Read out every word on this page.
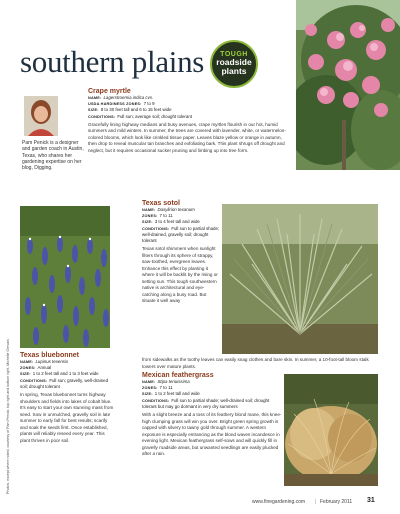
southern plains	TOUGH
roadside
plants
Pam Penick is a designer and garden coach in Austin, Texas, who shares her gardening expertise on her blog, Digging.
Crape myrtle
NAME: Lagerstroemia indica cvs.
USDA HARDINESS ZONES: 7 to 9
SIZE: 8 to 30 feet tall and 6 to 15 feet wide
CONDITIONS: Full sun; average soil; drought tolerant
Gracefully lining highway medians and busy avenues, crape myrtles flourish in our hot, humid summers and mild winters. In summer, the trees are covered with lavender, white, or watermelon-colored blooms, which look like crinkled tissue paper. Leaves blaze yellow or orange in autumn, then drop to reveal muscular tan branches and exfoliating bark. This plant shrugs off drought and neglect, but it requires occasional sucker pruning and limbing up into tree form.
Photos, except where noted, courtesy of Pam Penick; top right and bottom right, Michelle Gervais Texas bluebonnet
NAME: Lupinus texensis
ZONES: Annual
SIZE: 1 to 2 feet tall and 1 to 3 feet wide
CONDITIONS: Full sun; gravelly, well-drained soil; drought tolerant
In spring, Texas bluebonnet turns highway shoulders and fields into lakes of cobalt blue. It's easy to start your own stunning mass from seed. Sow in unmulched, gravelly soil in late summer to early fall for best results; scarify and soak the seeds first. Once established, plants will reliably reseed every year. This plant thrives in poor soil.
Texas sotol
NAME: Dasylirion texanum
ZONES: 7 to 11
SIZE: 3 to 4 feet tall and wide
CONDITIONS: Full sun to partial shade; well-drained, gravelly soil; drought tolerant
Texas sotol shimmers when sunlight filters through its sphere of strappy, saw-toothed, evergreen leaves. Enhance this effect by planting it where it will be backlit by the rising or setting sun. This tough southwestern native is architectural and eye-catching along a busy road. But situate it well away
from sidewalks as the toothy leaves can easily snag clothes and bare skin. In summer, a 10-foot-tall bloom stalk towers over mature plants.
Mexican feathergrass
NAME: Stipa tenuissima
ZONES: 7 to 11
SIZE: 1 to 2 feet tall and wide
CONDITIONS: Full sun to partial shade; well-drained soil; drought tolerant but may go dormant in very dry summers
With a slight breeze and a toss of its feathery blond mane, this knee-high clumping grass will win you over. Bright green spring growth is capped with silvery to tawny gold through summer. A western exposure is especially entrancing as the blond waves incandesce in evening light. Mexican feathergrass self-sows and will quickly fill in gravelly roadside areas, but unwanted seedlings are easily plucked after a rain.
www.finegardening.com | February 2011 31
